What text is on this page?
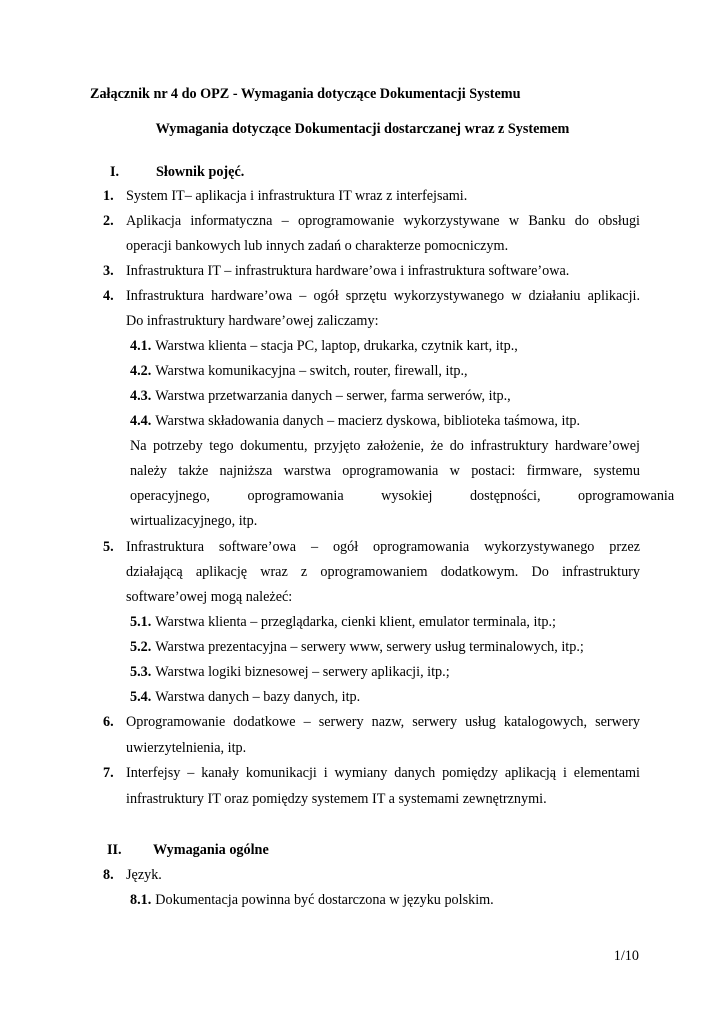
Załącznik nr 4 do OPZ - Wymagania dotyczące Dokumentacji Systemu
Wymagania dotyczące Dokumentacji dostarczanej wraz z Systemem
I.	Słownik pojęć.
1. System IT– aplikacja i infrastruktura IT wraz z interfejsami.
2. Aplikacja informatyczna – oprogramowanie wykorzystywane w Banku do obsługi
operacji bankowych lub innych zadań o charakterze pomocniczym.
3. Infrastruktura IT – infrastruktura hardware’owa i infrastruktura software’owa.
4. Infrastruktura hardware’owa – ogół sprzętu wykorzystywanego w działaniu aplikacji.
Do infrastruktury hardware’owej zaliczamy:
4.1. Warstwa klienta – stacja PC, laptop, drukarka, czytnik kart, itp.,
4.2. Warstwa komunikacyjna – switch, router, firewall, itp.,
4.3. Warstwa przetwarzania danych – serwer, farma serwerów, itp.,
4.4. Warstwa składowania danych – macierz dyskowa, biblioteka taśmowa, itp.
Na potrzeby tego dokumentu, przyjęto założenie, że do infrastruktury hardware’owej
należy także najniższa warstwa oprogramowania w postaci: firmware, systemu
operacyjnego, oprogramowania wysokiej dostępności, oprogramowania
wirtualizacyjnego, itp.
5. Infrastruktura software’owa – ogół oprogramowania wykorzystywanego przez
działającą aplikację wraz z oprogramowaniem dodatkowym. Do infrastruktury
software’owej mogą należeć:
5.1. Warstwa klienta – przeglądarka, cienki klient, emulator terminala, itp.;
5.2. Warstwa prezentacyjna – serwery www, serwery usług terminalowych, itp.;
5.3. Warstwa logiki biznesowej – serwery aplikacji, itp.;
5.4. Warstwa danych – bazy danych, itp.
6. Oprogramowanie dodatkowe – serwery nazw, serwery usług katalogowych, serwery
uwierzytelnienia, itp.
7. Interfejsy – kanały komunikacji i wymiany danych pomiędzy aplikacją i elementami
infrastruktury IT oraz pomiędzy systemem IT a systemami zewnętrznymi.
II. Wymagania ogólne
8. Język.
8.1. Dokumentacja powinna być dostarczona w języku polskim.
1/10
